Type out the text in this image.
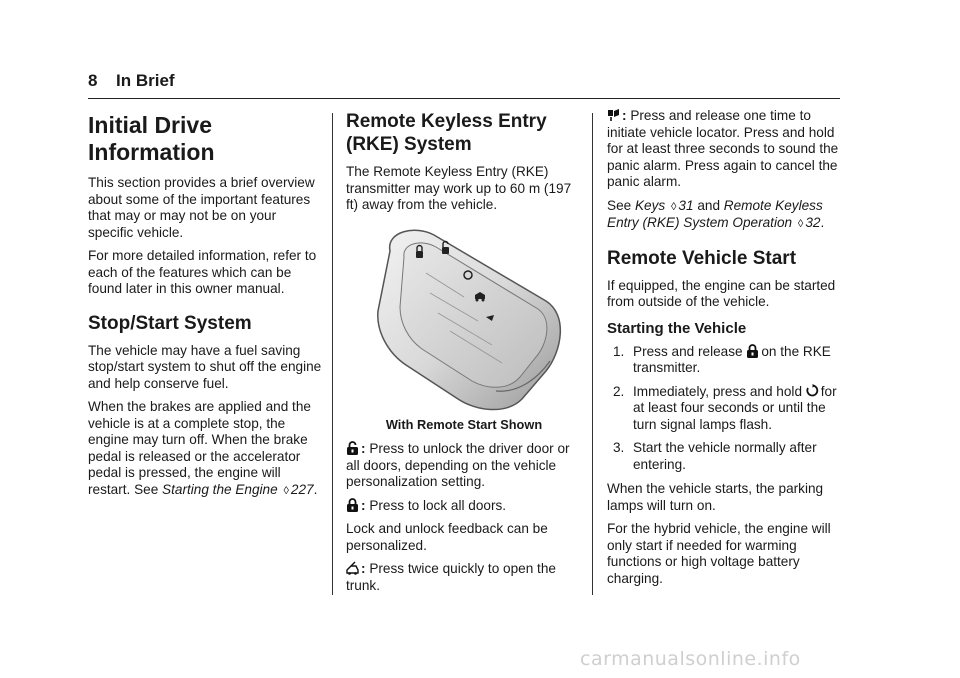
8 In Brief
Initial Drive Information

This section provides a brief overview about some of the important features that may or may not be on your specific vehicle.

For more detailed information, refer to each of the features which can be found later in this owner manual.

Stop/Start System

The vehicle may have a fuel saving stop/start system to shut off the engine and help conserve fuel.

When the brakes are applied and the vehicle is at a complete stop, the engine may turn off. When the brake pedal is released or the accelerator pedal is pressed, the engine will restart. See Starting the Engine ◊ 227.

Remote Keyless Entry (RKE) System

The Remote Keyless Entry (RKE) transmitter may work up to 60 m (197 ft) away from the vehicle.

With Remote Start Shown

: Press to unlock the driver door or all doors, depending on the vehicle personalization setting.

: Press to lock all doors.

Lock and unlock feedback can be personalized.

: Press twice quickly to open the trunk.

: Press and release one time to initiate vehicle locator. Press and hold for at least three seconds to sound the panic alarm. Press again to cancel the panic alarm.

See Keys ◊ 31 and Remote Keyless Entry (RKE) System Operation ◊ 32.

Remote Vehicle Start

If equipped, the engine can be started from outside of the vehicle.

Starting the Vehicle
1. Press and release
on the RKE transmitter.
2. Immediately, press and hold
for at least four seconds or until the turn signal lamps flash.
3. Start the vehicle normally after entering.

When the vehicle starts, the parking lamps will turn on.

For the hybrid vehicle, the engine will only start if needed for warming functions or high voltage battery charging.

carmanualsonline.info
